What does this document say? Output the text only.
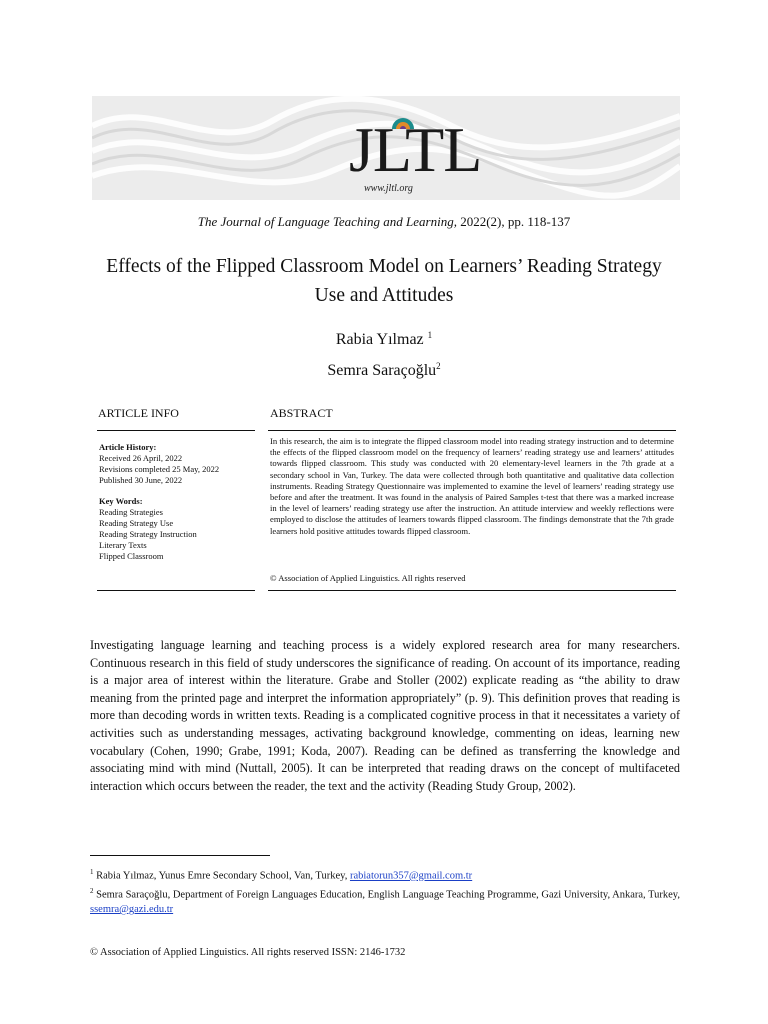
JLTL
www.jltl.org
The Journal of Language Teaching and Learning, 2022(2), pp. 118-137
Effects of the Flipped Classroom Model on Learners’ Reading Strategy Use and Attitudes
Rabia Yılmaz $^1$
Semra Saraçoğlu$^2$
ARTICLE INFO	ABSTRACT
Article History:
Received 26 April, 2022
Revisions completed 25 May, 2022
Published 30 June, 2022
Key Words:
Reading Strategies
Reading Strategy Use
Reading Strategy Instruction
Literary Texts
Flipped Classroom
In this research, the aim is to integrate the flipped classroom model into reading strategy instruction and to determine the effects of the flipped classroom model on the frequency of learners’ reading strategy use and learners’ attitudes towards flipped classroom. This study was conducted with 20 elementary-level learners in the 7th grade at a secondary school in Van, Turkey. The data were collected through both quantitative and qualitative data collection instruments. Reading Strategy Questionnaire was implemented to examine the level of learners’ reading strategy use before and after the treatment. It was found in the analysis of Paired Samples t-test that there was a marked increase in the level of learners’ reading strategy use after the instruction. An attitude interview and weekly reflections were employed to disclose the attitudes of learners towards flipped classroom. The findings demonstrate that the 7th grade learners hold positive attitudes towards flipped classroom.
© Association of Applied Linguistics. All rights reserved

Investigating language learning and teaching process is a widely explored research area for many researchers. Continuous research in this field of study underscores the significance of reading. On account of its importance, reading is a major area of interest within the literature. Grabe and Stoller (2002) explicate reading as “the ability to draw meaning from the printed page and interpret the information appropriately” (p. 9). This definition proves that reading is more than decoding words in written texts. Reading is a complicated cognitive process in that it necessitates a variety of activities such as understanding messages, activating background knowledge, commenting on ideas, learning new vocabulary (Cohen, 1990; Grabe, 1991; Koda, 2007). Reading can be defined as transferring the knowledge and associating mind with mind (Nuttall, 2005). It can be interpreted that reading draws on the concept of multifaceted interaction which occurs between the reader, the text and the activity (Reading Study Group, 2002).

$^1$ Rabia Yılmaz, Yunus Emre Secondary School, Van, Turkey, rabiatorun357@gmail.com.tr
$^2$ Semra Saraçoğlu, Department of Foreign Languages Education, English Language Teaching Programme, Gazi University, Ankara, Turkey, ssemra@gazi.edu.tr
© Association of Applied Linguistics. All rights reserved ISSN: 2146-1732
